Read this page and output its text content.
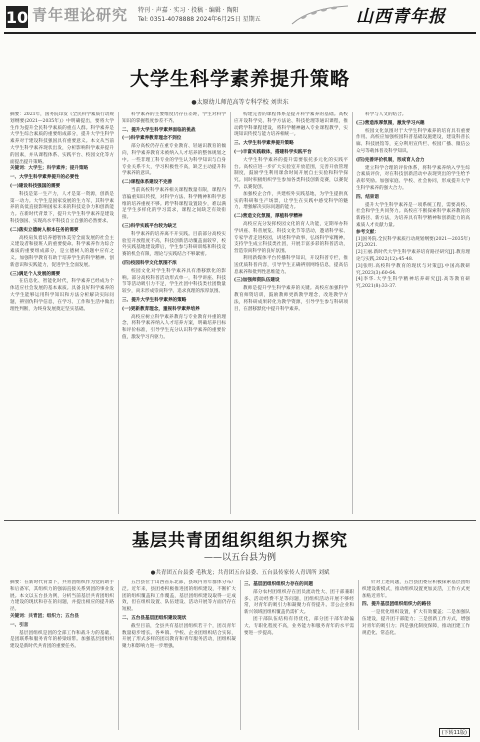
10 青年理论研究 特刊 · 声嘉 · 实习 · 投稿 · 编辑 · 陶阳
Tel: 0351-4078888 2024年6月25日 星期五	山西青年报
大学生科学素养提升策略
●太原幼儿师范高等专科学校 刘世东

摘要：2021年，国务院印发《全民科学素质行动规划纲要(2021—2035年)》中明确提出，要将大学生作为提升全民科学素质的重点人群。科学素养是大学生综合素质的重要组成部分，提升大学生科学素养对于建设科技强国具有重要意义。本文从当前大学生科学素养现状出发，分析影响科学素养提升的因素，并从课程体系、实践平台、校园文化等方面提出提升策略。

关键词：大学生；科学素养；提升策略

一、大学生科学素养提升的必要性

(一)建设科技强国的需要

科技是第一生产力，人才是第一资源，创新是第一动力。大学生是国家发展的生力军，其科学素养的高低直接影响国家未来的科技竞争力和创新能力。在新时代背景下，提升大学生科学素养是建设科技强国、实现高水平科技自立自强的必然要求。

(二)落实立德树人根本任务的需要

高校肩负着培养德智体美劳全面发展的社会主义建设者和接班人的重要使命。科学素养作为综合素质的重要组成部分，是立德树人的题中应有之义。加强科学教育有助于培养学生的科学精神、创新意识和实践能力，促进学生全面发展。

(三)满足个人发展的需要

在信息化、智能化时代，科学素养已经成为个体适应社会发展的基本素质。具备良好科学素养的大学生能够运用科学知识和方法分析解决实际问题，辨别伪科学信息，在学习、工作和生活中做出理性判断，为终身发展奠定坚实基础。

科学素养的主要维度仍存在差距，学生对科学知识的掌握程度参差不齐。

二、提升大学生科学素养面临的挑战

(一)科学素养教育理念不到位

部分高校仍存在重专业教育、轻通识教育的倾向，科学素养教育未被纳入人才培养的整体规划之中。一些非理工科专业的学生认为科学知识与自身专业关系不大，学习积极性不高，缺乏主动提升科学素养的意识。

(二)课程体系建设不完善

当前高校科学素养相关课程数量有限，课程内容偏重知识传授，对科学方法、科学精神和科学思维的培养重视不够。跨学科课程设置较少，难以满足学生多样化的学习需求，课程之间缺乏有效衔接。

(三)科学实践平台较为缺乏

科学素养的培养离不开实践。目前部分高校实验室开放程度不高，科技创新活动覆盖面较窄，校外实践基地建设滞后，学生参与科研训练和科技竞赛的机会有限，理论与实践结合不够紧密。

(四)校园科学文化氛围不浓

校园文化对学生科学素养具有潜移默化的影响。部分高校科普活动形式单一，科学讲座、科技节等活动吸引力不足，学生社团中科技类社团数量较少，尚未形成崇尚科学、追求真理的浓厚氛围。

三、提升大学生科学素养的策略

(一)更新教育理念，重视科学素养培养

高校应树立科学素养教育与专业教育并重的理念，将科学素养纳入人才培养方案，明确培养目标和评价标准，引导学生充分认识科学素养的重要价值，激发学习内驱力。

构建完善的课程体系是提升科学素养的基础。高校应开设科学史、科学方法论、科技伦理等通识课程，推动跨学科课程建设，将科学精神融入专业课程教学，实现知识传授与能力培养相统一。

三、大学生科学素养提升策略

(一)丰富实践载体，搭建科学实践平台

大学生科学素养的提升需要依托多元化的实践平台。高校应进一步扩大实验室开放范围，完善开放管理制度，鼓励学生利用课余时间开展自主实验和科学探究。同时积极组织学生参加各类科技创新竞赛，以赛促学、以赛促创。

加强校企合作，共建校外实践基地，为学生提供真实的科研和生产场景，让学生在实践中感受科学的魅力，增强解决实际问题的能力。

(二)营造文化氛围，厚植科学精神

高校应充分发挥校园文化的育人功能，定期举办科学讲座、科普展览、科技文化节等活动，邀请科学家、专家学者走进校园，讲述科学故事，弘扬科学家精神。支持学生成立科技类社团，开展丰富多彩的科普活动，营造崇尚科学的良好氛围。

利用新媒体平台传播科学知识，开设科普专栏，推送优质科普内容，引导学生正确辨别网络信息，提高信息素养和批判性思维能力。

(三)加强师资队伍建设

教师是提升学生科学素养的关键。高校应加强科学教育师资培训，鼓励教师更新教学理念，改进教学方法，将科研成果转化为教学资源，引导学生参与科研项目，在潜移默化中提升科学素养。

科学与人文的结合。

(三)营造浓厚氛围，激发学习兴趣

校园文化氛围对于大学生科学素养的培育具有重要作用。高校应加强校园科普基础设施建设，建设科普长廊、科技展馆等，充分利用宣传栏、校园广播、微信公众号等载体普及科学知识。

(四)完善评价机制，形成育人合力

建立科学合理的评价体系，将科学素养纳入学生综合素质评价，对在科技创新活动中表现突出的学生给予表彰奖励。加强家庭、学校、社会协同，形成提升大学生科学素养的强大合力。

四、结束语

提升大学生科学素养是一项系统工程，需要高校、社会和学生共同努力。高校应不断探索科学素养教育的新路径、新方法，为培养具有科学精神和创新能力的高素质人才贡献力量。

参考文献：

[1]国务院.全民科学素质行动规划纲要(2021—2035年)[Z].2021.

[2]王丽.新时代大学生科学素养培育路径研究[J].教育理论与实践,2022(12):45-48.

[3]张明.高校科学教育的现状与对策[J].中国高教研究,2023(3):60-64.

[4]李华.大学生科学精神培养研究[J].高等教育研究,2021(8):33-37.

基层共青团组织组织力探究
——以五台县为例
●共青团五台县委 毛秋龙；共青团五台县委、五台县传家传人青训所 刘斌

摘要：在新时代背景下，共青团组织作为党的助手和后备军，其组织力的强弱直接关系到团的事业发展。本文以五台县为例，分析当前基层共青团组织力建设的现状和存在的问题，并提出相应的提升路径。

关键词：共青团；组织力；五台县

一、引言

基层团组织是团的全部工作和战斗力的基础，是团联系和服务青年的桥梁纽带。加强基层团组织建设是新时代共青团的重要任务。

五台县位于山西省东北部，县域内青年群体分布广泛。近年来，县团委积极推进团的组织建设，不断扩大团的组织覆盖和工作覆盖，基层团组织建设取得一定成效，但在组织设置、队伍建设、活动开展等方面仍存在短板。

二、五台县基层团组织建设现状

截至目前，全县共有基层团组织若干个，团员青年数量稳步增长。各乡镇、学校、企业团组织结合实际，开展了形式多样的团员教育和青年服务活动，团组织凝聚力和影响力进一步增强。

三、基层团组织组织力存在的问题

部分农村团组织存在团员流动性大、团干部兼职多、活动经费不足等问题，团组织活动开展不够经常，对青年的吸引力和凝聚力有待提升。非公企业和新兴领域团组织覆盖仍需扩大。

团干部队伍结构有待优化，部分团干部年龄偏大、专职化程度不高，业务能力和服务青年的水平需要进一步提高。

针对上述问题，五台县团委应积极探索基层团组织建设新模式，推动组织设置更加灵活，工作方式更加贴近青年。

四、提升基层团组织组织力的路径

一是优化组织设置，扩大有效覆盖；二是加强队伍建设，提升团干部能力；三是创新工作方式，增强对青年的吸引力；四是强化制度保障，推动团建工作规范化、常态化。

(下转11版)
